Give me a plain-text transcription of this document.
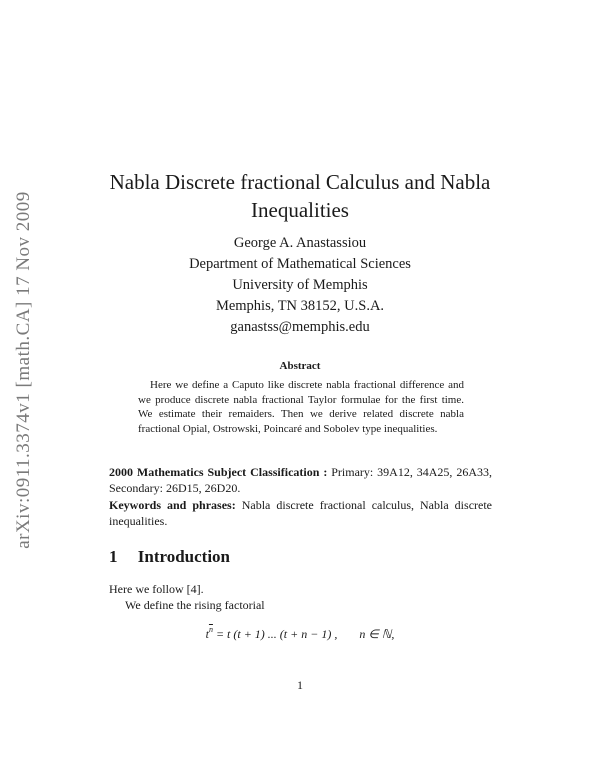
arXiv:0911.3374v1 [math.CA] 17 Nov 2009
Nabla Discrete fractional Calculus and Nabla
Inequalities
George A. Anastassiou
Department of Mathematical Sciences
University of Memphis
Memphis, TN 38152, U.S.A.
ganastss@memphis.edu
Abstract
Here we define a Caputo like discrete nabla fractional difference and we produce discrete nabla fractional Taylor formulae for the first time. We estimate their remaiders. Then we derive related discrete nabla fractional Opial, Ostrowski, Poincaré and Sobolev type inequalities.
2000 Mathematics Subject Classification : Primary: 39A12, 34A25, 26A33, Secondary: 26D15, 26D20.
Keywords and phrases: Nabla discrete fractional calculus, Nabla discrete inequalities.
1 Introduction
Here we follow [4].
We define the rising factorial
$t^{\overline{n}} = t$ (t + 1) ... (t + n − 1) , n ∈ ℕ,
1
